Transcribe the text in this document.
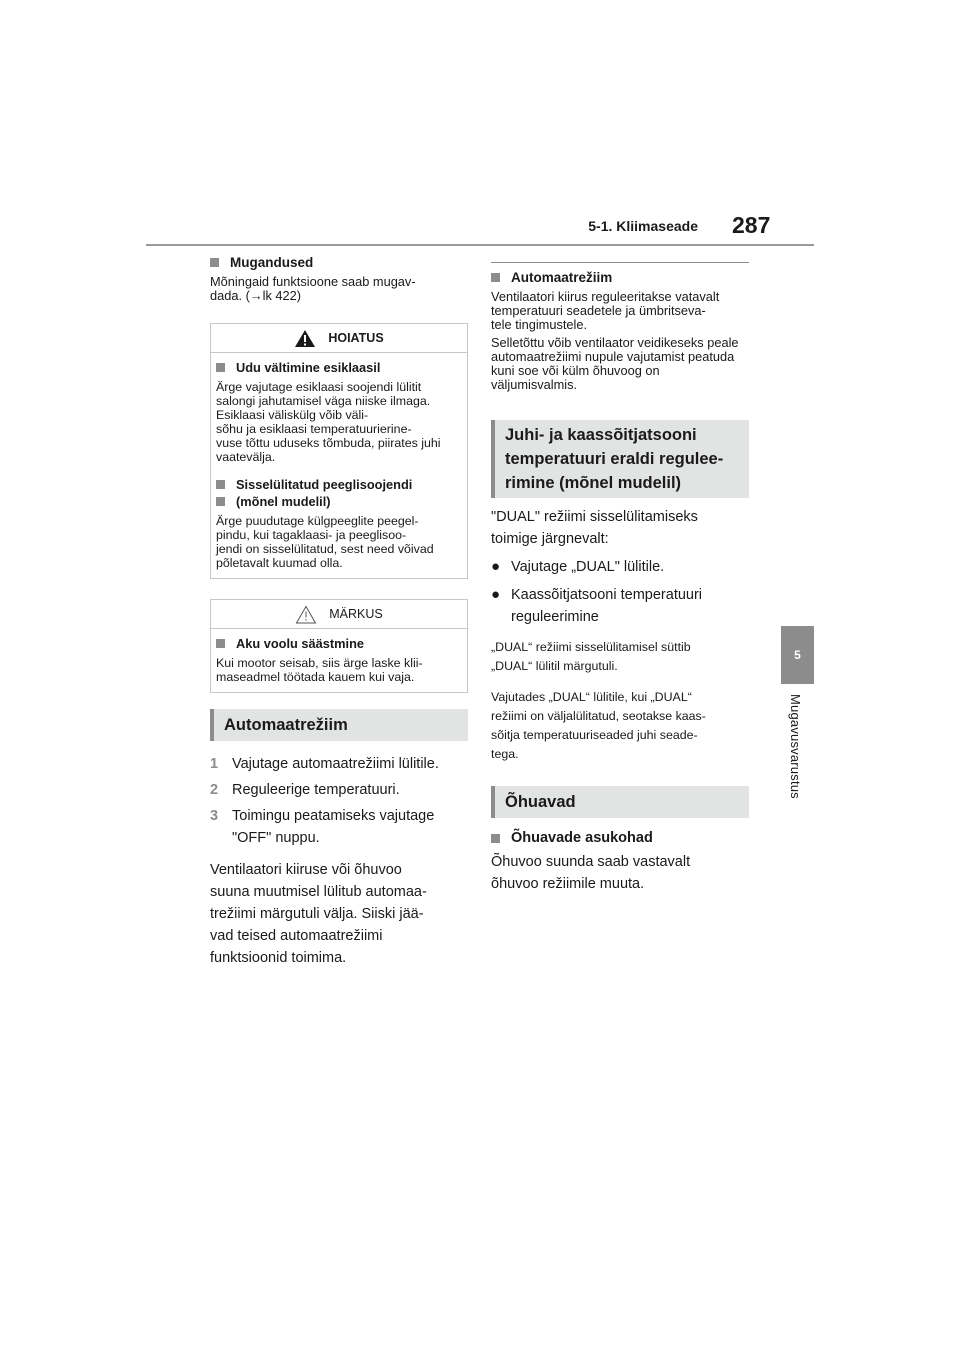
5-1. Kliimaseade 287
5
Mugavusvarustus

Mugandused

Mõningaid funktsioone saab mugav-
dada. (→lk 422)

HOIATUS

Udu vältimine esiklaasil

Ärge vajutage esiklaasi soojendi lülitit salongi jahutamisel väga niiske ilmaga. Esiklaasi väliskülg võib väli-
sõhu ja esiklaasi temperatuurierine-
vuse tõttu uduseks tõmbuda, piirates juhi vaatevälja.

Sisselülitatud peeglisoojendi

(mõnel mudelil)

Ärge puudutage külgpeeglite peegel-
pindu, kui tagaklaasi- ja peeglisoo-
jendi on sisselülitatud, sest need võivad põletavalt kuumad olla.

MÄRKUS

Aku voolu säästmine

Kui mootor seisab, siis ärge laske klii-
maseadmel töötada kauem kui vaja.

Automaatrežiim
1 Vajutage automaatrežiimi lülitile.
2 Reguleerige temperatuuri.
3 Toimingu peatamiseks vajutage
"OFF" nuppu.

Ventilaatori kiiruse või õhuvoo
suuna muutmisel lülitub automaa-
trežiimi märgutuli välja. Siiski jää-
vad teised automaatrežiimi
funktsioonid toimima.

Automaatrežiim

Ventilaatori kiirus reguleeritakse vatavalt temperatuuri seadetele ja ümbritseva-
tele tingimustele.

Selletõttu võib ventilaator veidikeseks peale automaatrežiimi nupule vajutamist peatuda kuni soe või külm õhuvoog on väljumisvalmis.

Juhi- ja kaassõitjatsooni
temperatuuri eraldi regulee-
rimine (mõnel mudelil)

"DUAL" režiimi sisselülitamiseks
toimige järgnevalt:

● Vajutage „DUAL" lülitile.
● Kaassõitjatsooni temperatuuri
reguleerimine

„DUAL“ režiimi sisselülitamisel süttib
„DUAL“ lülitil märgutuli.

Vajutades „DUAL“ lülitile, kui „DUAL“
režiimi on väljalülitatud, seotakse kaas-
sõitja temperatuuriseaded juhi seade-
tega.

Õhuavad

Õhuavade asukohad

Õhuvoo suunda saab vastavalt
õhuvoo režiimile muuta.
